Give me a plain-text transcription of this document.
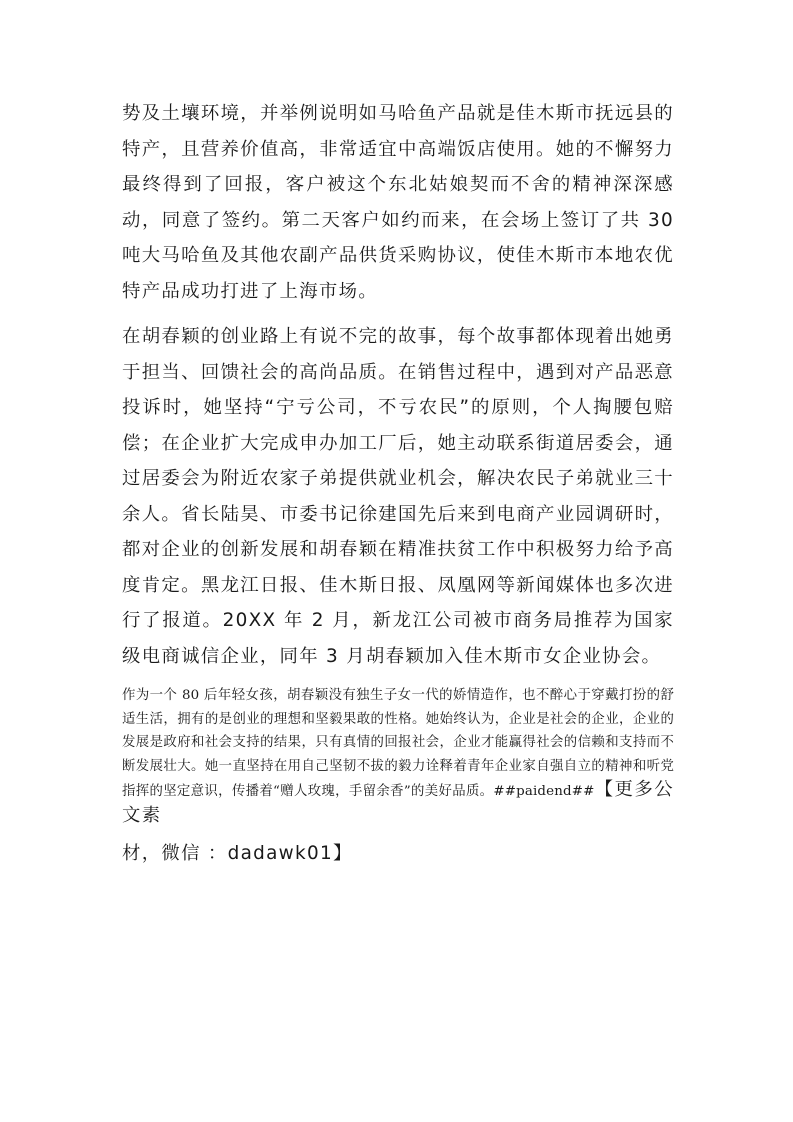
势及土壤环境，并举例说明如马哈鱼产品就是佳木斯市抚远县的特产，且营养价值高，非常适宜中高端饭店使用。她的不懈努力最终得到了回报，客户被这个东北姑娘契而不舍的精神深深感动，同意了签约。第二天客户如约而来，在会场上签订了共 30 吨大马哈鱼及其他农副产品供货采购协议，使佳木斯市本地农优特产品成功打进了上海市场。

在胡春颖的创业路上有说不完的故事，每个故事都体现着出她勇于担当、回馈社会的高尚品质。在销售过程中，遇到对产品恶意投诉时，她坚持“宁亏公司，不亏农民”的原则，个人掏腰包赔偿；在企业扩大完成申办加工厂后，她主动联系街道居委会，通过居委会为附近农家子弟提供就业机会，解决农民子弟就业三十余人。省长陆昊、市委书记徐建国先后来到电商产业园调研时，都对企业的创新发展和胡春颖在精准扶贫工作中积极努力给予高度肯定。黑龙江日报、佳木斯日报、凤凰网等新闻媒体也多次进行了报道。20XX 年 2 月，新龙江公司被市商务局推荐为国家级电商诚信企业，同年 3 月胡春颖加入佳木斯市女企业协会。

作为一个 80 后年轻女孩，胡春颖没有独生子女一代的娇情造作，也不醉心于穿戴打扮的舒适生活，拥有的是创业的理想和坚毅果敢的性格。她始终认为，企业是社会的企业，企业的发展是政府和社会支持的结果，只有真情的回报社会，企业才能赢得社会的信赖和支持而不断发展壮大。她一直坚持在用自己坚韧不拔的毅力诠释着青年企业家自强自立的精神和听党指挥的坚定意识，传播着“赠人玫瑰，手留余香”的美好品质。##paidend##【更多公文素

材，微信 ：dadawk01】
